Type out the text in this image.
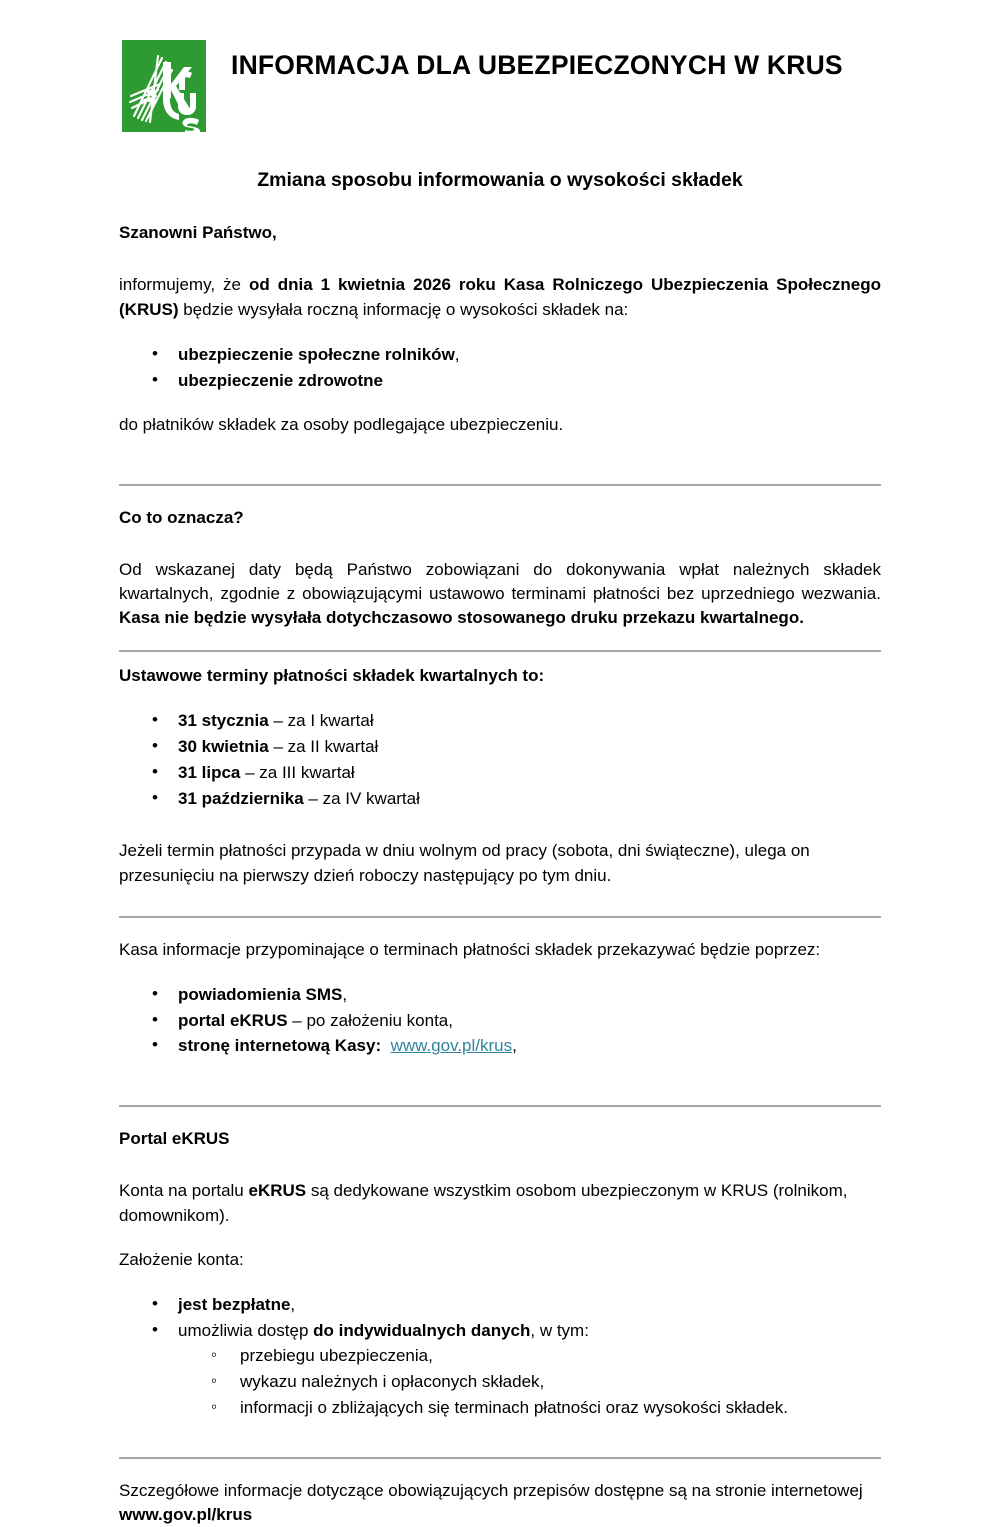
INFORMACJA DLA UBEZPIECZONYCH W KRUS
Zmiana sposobu informowania o wysokości składek

Szanowni Państwo,

informujemy, że od dnia 1 kwietnia 2026 roku Kasa Rolniczego Ubezpieczenia Społecznego (KRUS) będzie wysyłała roczną informację o wysokości składek na:

• ubezpieczenie społeczne rolników,
• ubezpieczenie zdrowotne

do płatników składek za osoby podlegające ubezpieczeniu.

Co to oznacza?

Od wskazanej daty będą Państwo zobowiązani do dokonywania wpłat należnych składek kwartalnych, zgodnie z obowiązującymi ustawowo terminami płatności bez uprzedniego wezwania. Kasa nie będzie wysyłała dotychczasowo stosowanego druku przekazu kwartalnego.

Ustawowe terminy płatności składek kwartalnych to:

• 31 stycznia – za I kwartał
• 30 kwietnia – za II kwartał
• 31 lipca – za III kwartał
• 31 października – za IV kwartał

Jeżeli termin płatności przypada w dniu wolnym od pracy (sobota, dni świąteczne), ulega on przesunięciu na pierwszy dzień roboczy następujący po tym dniu.

Kasa informacje przypominające o terminach płatności składek przekazywać będzie poprzez:

• powiadomienia SMS,
• portal eKRUS – po założeniu konta,
• stronę internetową Kasy: www.gov.pl/krus,

Portal eKRUS

Konta na portalu eKRUS są dedykowane wszystkim osobom ubezpieczonym w KRUS (rolnikom, domownikom).

Założenie konta:

• jest bezpłatne,
• umożliwia dostęp do indywidualnych danych, w tym:
◦ przebiegu ubezpieczenia,
◦ wykazu należnych i opłaconych składek,
◦ informacji o zbliżających się terminach płatności oraz wysokości składek.

Szczegółowe informacje dotyczące obowiązujących przepisów dostępne są na stronie internetowej www.gov.pl/krus
